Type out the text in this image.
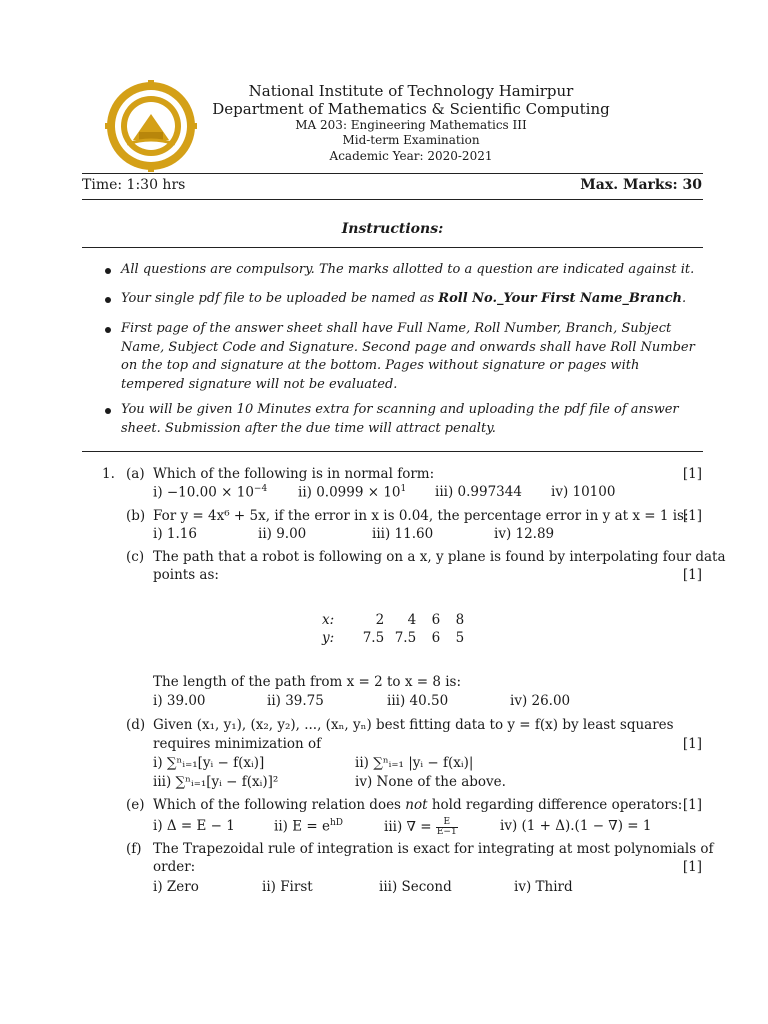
National Institute of Technology Hamirpur
Department of Mathematics & Scientific Computing
MA 203: Engineering Mathematics III
Mid-term Examination
Academic Year: 2020-2021
Time: 1:30 hrs	Max. Marks: 30
Instructions:
All questions are compulsory. The marks allotted to a question are indicated against it.
Your single pdf file to be uploaded be named as Roll No._Your First Name_Branch.
First page of the answer sheet shall have Full Name, Roll Number, Branch, Subject Name, Subject Code and Signature. Second page and onwards shall have Roll Number on the top and signature at the bottom. Pages without signature or pages with tempered signature will not be evaluated.
You will be given 10 Minutes extra for scanning and uploading the pdf file of answer sheet. Submission after the due time will attract penalty.
1. (a) Which of the following is in normal form:	[1]
$i) -10.00 \times 10^{-4}$ ii) $0.0999 \times 10^1$ iii) 0.997344 iv) 10100
(b) For y = 4x⁶ + 5x, if the error in x is 0.04, the percentage error in y at x = 1 is:
[1]
i) 1.16	ii) 9.00	iii) 11.60	iv) 12.89
(c) The path that a robot is following on a x, y plane is found by interpolating four data
points as:	[1]
x:	2	4	6	8
y:	7.5	7.5	6	5
The length of the path from x = 2 to x = 8 is:
i) 39.00	ii) 39.75	iii) 40.50	iv) 26.00
(d) Given (x₁, y₁), (x₂, y₂), ..., (xₙ, yₙ) best fitting data to y = f(x) by least squares
requires minimization of	[1]
i) ∑ⁿᵢ₌₁[yᵢ − f(xᵢ)]	ii) ∑ⁿᵢ₌₁ |yᵢ − f(xᵢ)|
iii) ∑ⁿᵢ₌₁[yᵢ − f(xᵢ)]²	iv) None of the above.
(e) Which of the following relation does not hold regarding difference operators: [1]
i) Δ = E − 1	ii) $E = e^{hD}$	iii) ∇ = $\frac{E}{E-1}$	iv) (1 + Δ).(1 − ∇) = 1
(f) The Trapezoidal rule of integration is exact for integrating at most polynomials of
order:	[1]
i) Zero	ii) First	iii) Second	iv) Third
